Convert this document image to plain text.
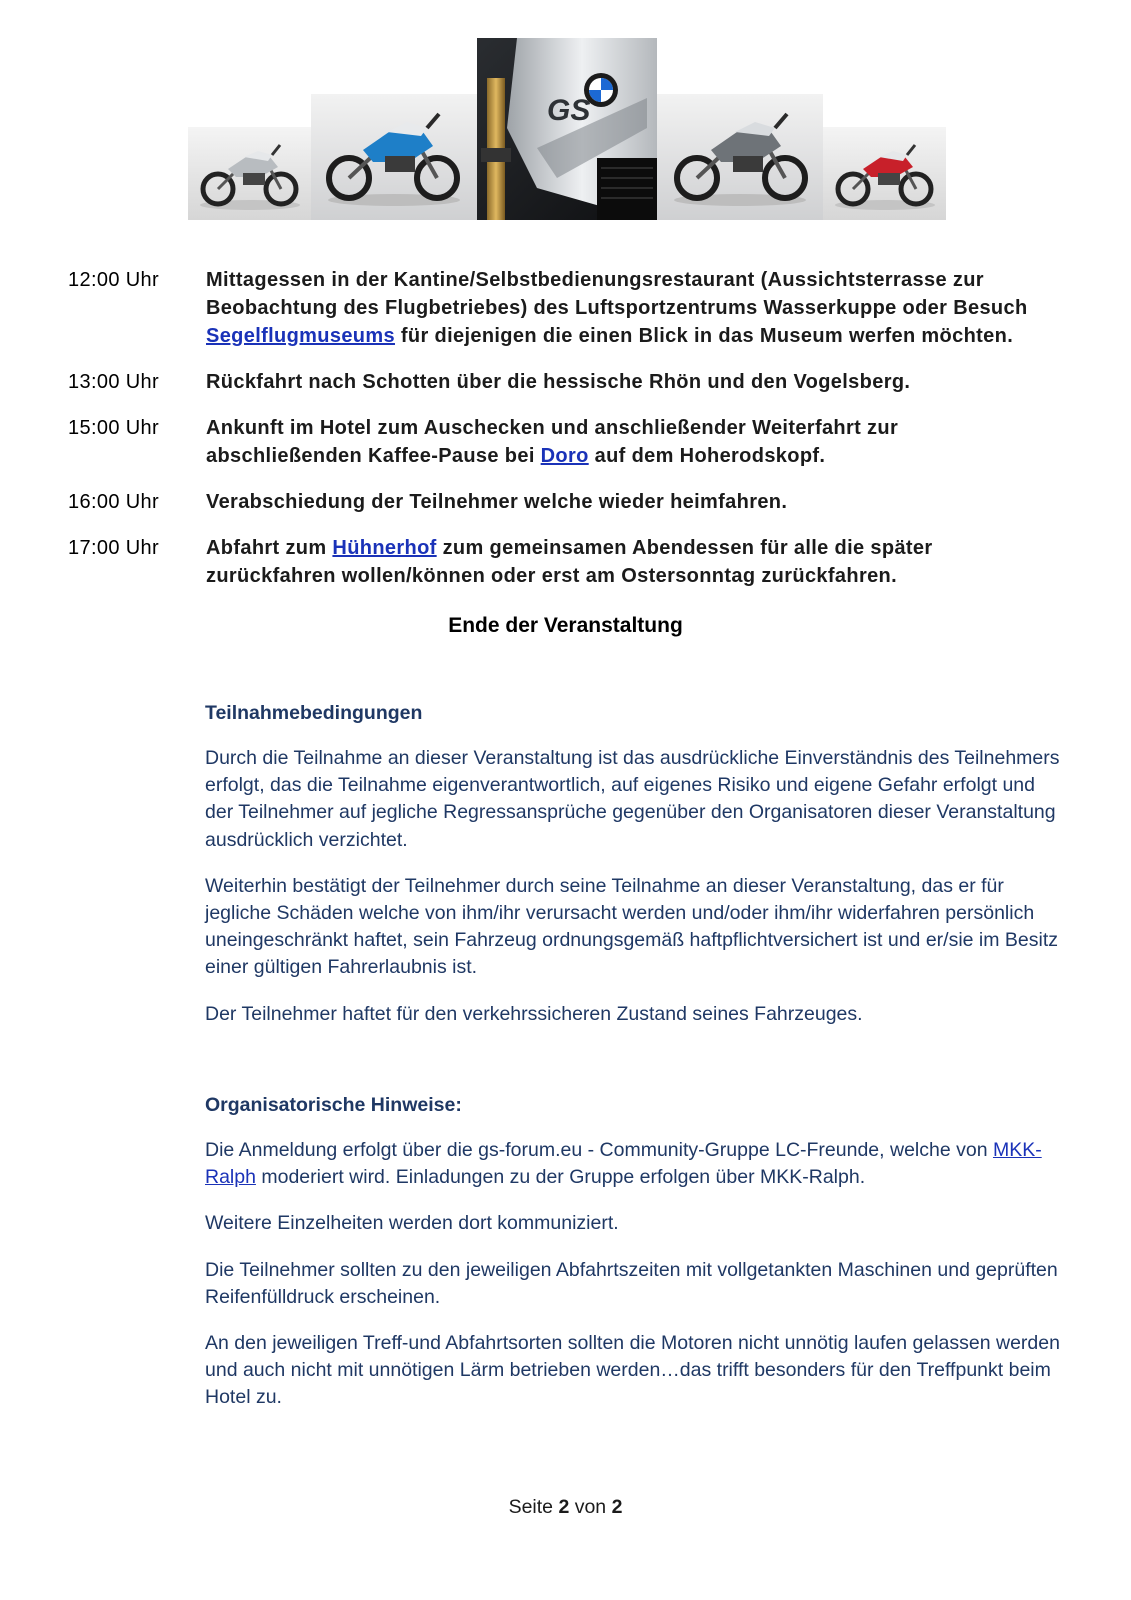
GS
12:00 Uhr	Mittagessen in der Kantine/Selbstbedienungsrestaurant (Aussichtsterrasse zur Beobachtung des Flugbetriebes) des Luftsportzentrums Wasserkuppe oder Besuch Segelflugmuseums für diejenigen die einen Blick in das Museum werfen möchten.
13:00 Uhr	Rückfahrt nach Schotten über die hessische Rhön und den Vogelsberg.
15:00 Uhr	Ankunft im Hotel zum Auschecken und anschließender Weiterfahrt zur abschließenden Kaffee-Pause bei Doro auf dem Hoherodskopf.
16:00 Uhr	Verabschiedung der Teilnehmer welche wieder heimfahren.
17:00 Uhr	Abfahrt zum Hühnerhof zum gemeinsamen Abendessen für alle die später zurückfahren wollen/können oder erst am Ostersonntag zurückfahren.
Ende der Veranstaltung
Teilnahmebedingungen

Durch die Teilnahme an dieser Veranstaltung ist das ausdrückliche Einverständnis des Teilnehmers erfolgt, das die Teilnahme eigenverantwortlich, auf eigenes Risiko und eigene Gefahr erfolgt und der Teilnehmer auf jegliche Regressansprüche gegenüber den Organisatoren dieser Veranstaltung ausdrücklich verzichtet.

Weiterhin bestätigt der Teilnehmer durch seine Teilnahme an dieser Veranstaltung, das er für jegliche Schäden welche von ihm/ihr verursacht werden und/oder ihm/ihr widerfahren persönlich uneingeschränkt haftet, sein Fahrzeug ordnungsgemäß haftpflichtversichert ist und er/sie im Besitz einer gültigen Fahrerlaubnis ist.

Der Teilnehmer haftet für den verkehrssicheren Zustand seines Fahrzeuges.

Organisatorische Hinweise:

Die Anmeldung erfolgt über die gs-forum.eu - Community-Gruppe LC-Freunde, welche von MKK-Ralph moderiert wird. Einladungen zu der Gruppe erfolgen über MKK-Ralph.

Weitere Einzelheiten werden dort kommuniziert.

Die Teilnehmer sollten zu den jeweiligen Abfahrtszeiten mit vollgetankten Maschinen und geprüften Reifenfülldruck erscheinen.

An den jeweiligen Treff-und Abfahrtsorten sollten die Motoren nicht unnötig laufen gelassen werden und auch nicht mit unnötigen Lärm betrieben werden…das trifft besonders für den Treffpunkt beim Hotel zu.

Seite 2 von 2
